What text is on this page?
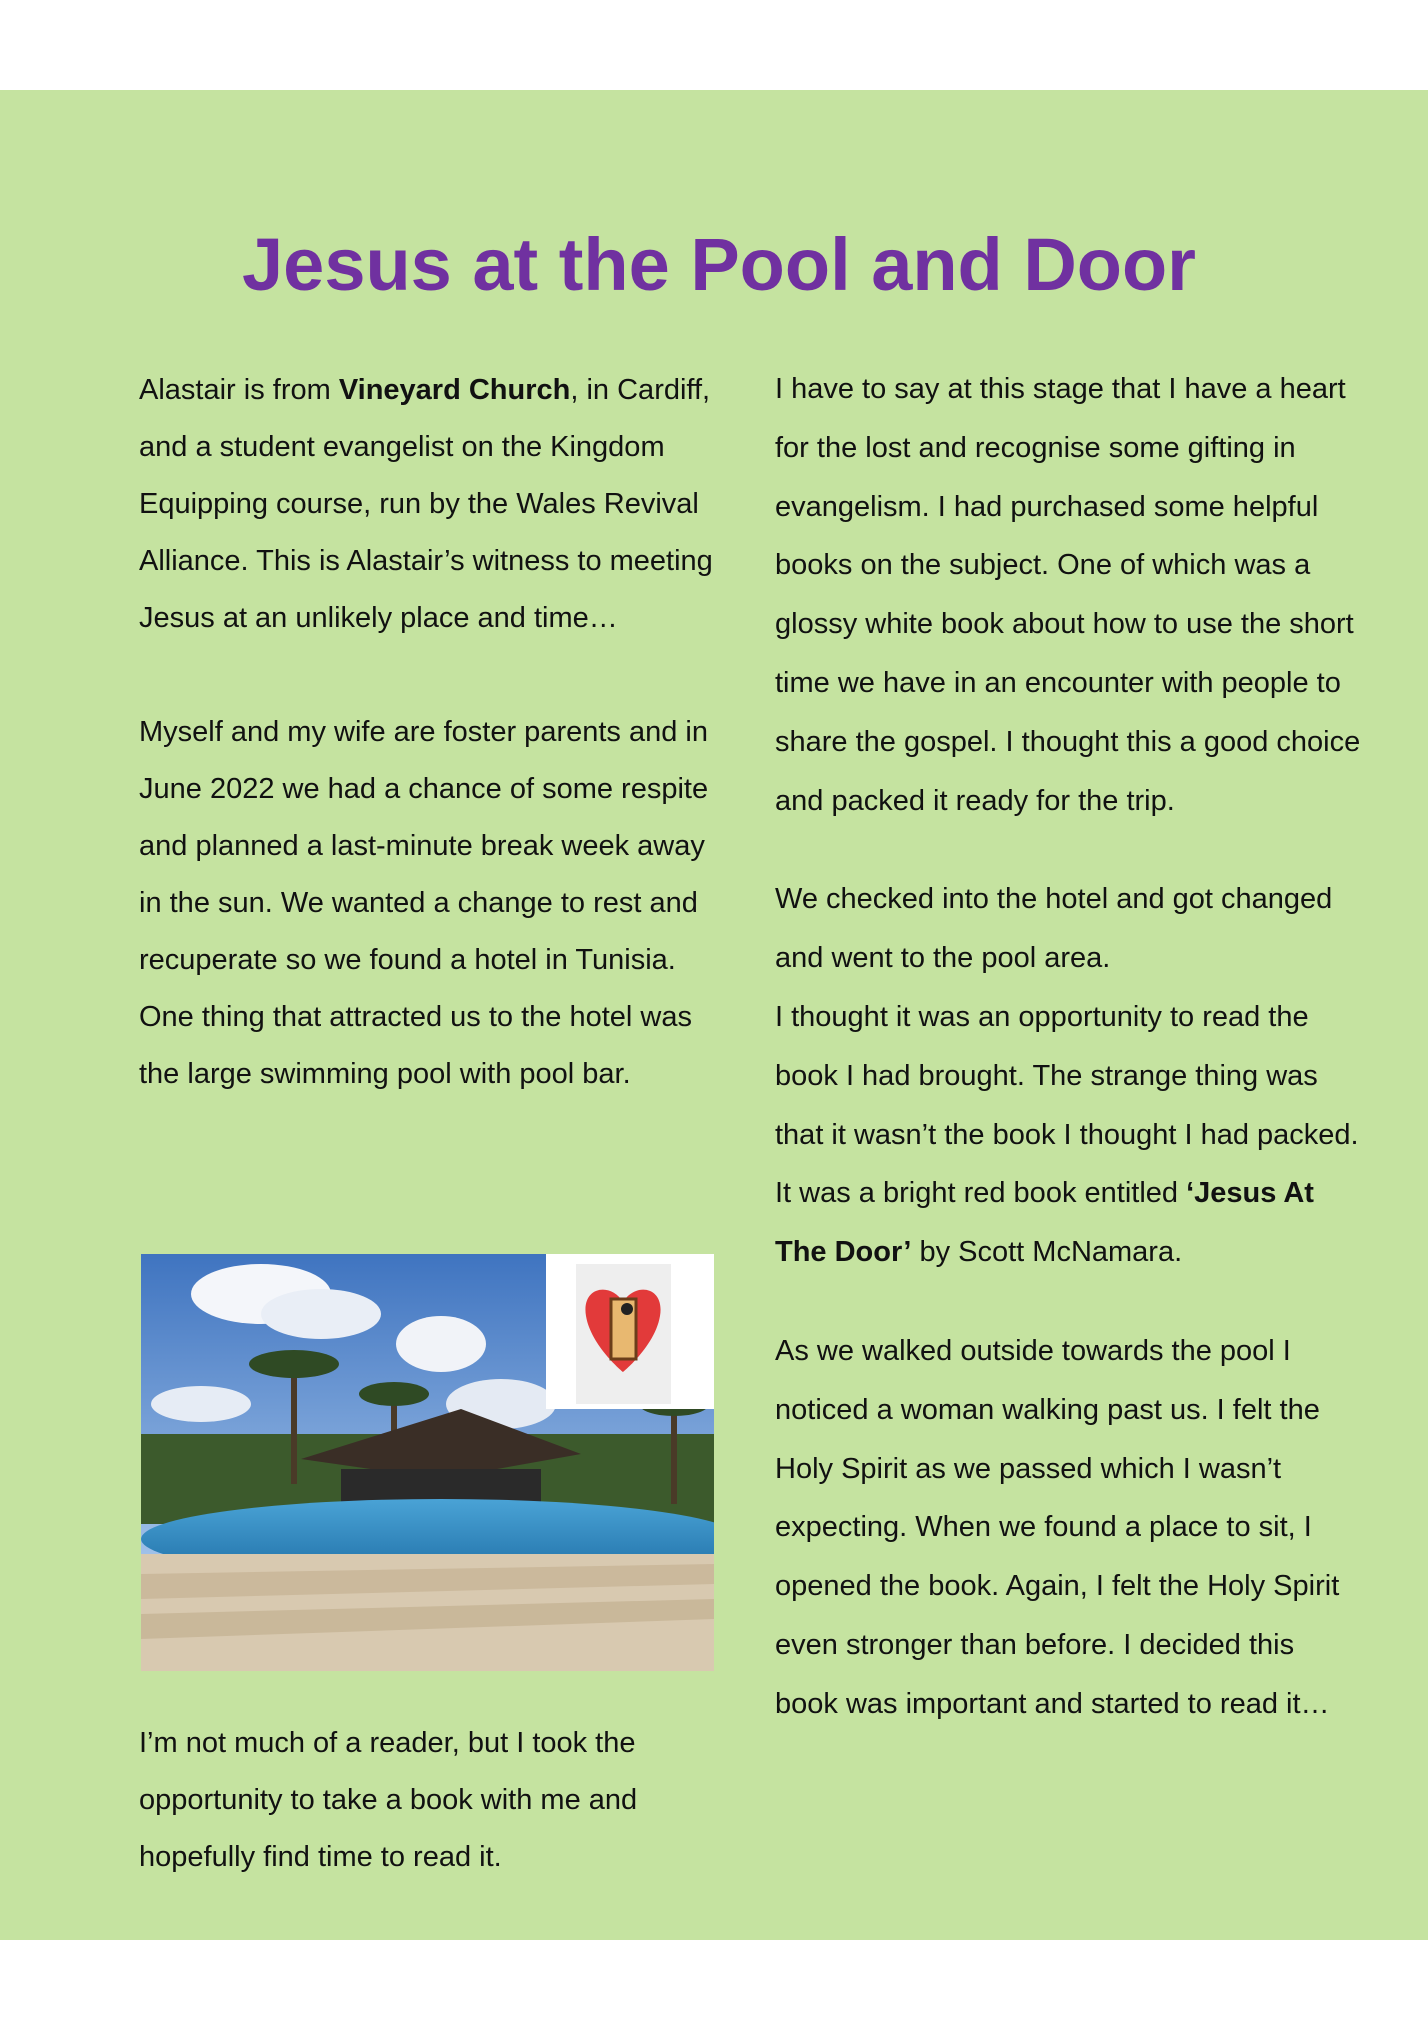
Jesus at the Pool and Door

Alastair is from Vineyard Church, in Cardiff, and a student evangelist on the Kingdom Equipping course, run by the Wales Revival Alliance. This is Alastair’s witness to meeting Jesus at an unlikely place and time…

Myself and my wife are foster parents and in June 2022 we had a chance of some respite and planned a last-minute break week away in the sun. We wanted a change to rest and recuperate so we found a hotel in Tunisia. One thing that attracted us to the hotel was the large swimming pool with pool bar.

I’m not much of a reader, but I took the opportunity to take a book with me and hopefully find time to read it.

I have to say at this stage that I have a heart for the lost and recognise some gifting in evangelism. I had purchased some helpful books on the subject. One of which was a glossy white book about how to use the short time we have in an encounter with people to share the gospel. I thought this a good choice and packed it ready for the trip.

We checked into the hotel and got changed and went to the pool area.

I thought it was an opportunity to read the book I had brought. The strange thing was that it wasn’t the book I thought I had packed. It was a bright red book entitled ‘Jesus At The Door’ by Scott McNamara.

As we walked outside towards the pool I noticed a woman walking past us. I felt the Holy Spirit as we passed which I wasn’t expecting. When we found a place to sit, I opened the book. Again, I felt the Holy Spirit even stronger than before. I decided this book was important and started to read it…
